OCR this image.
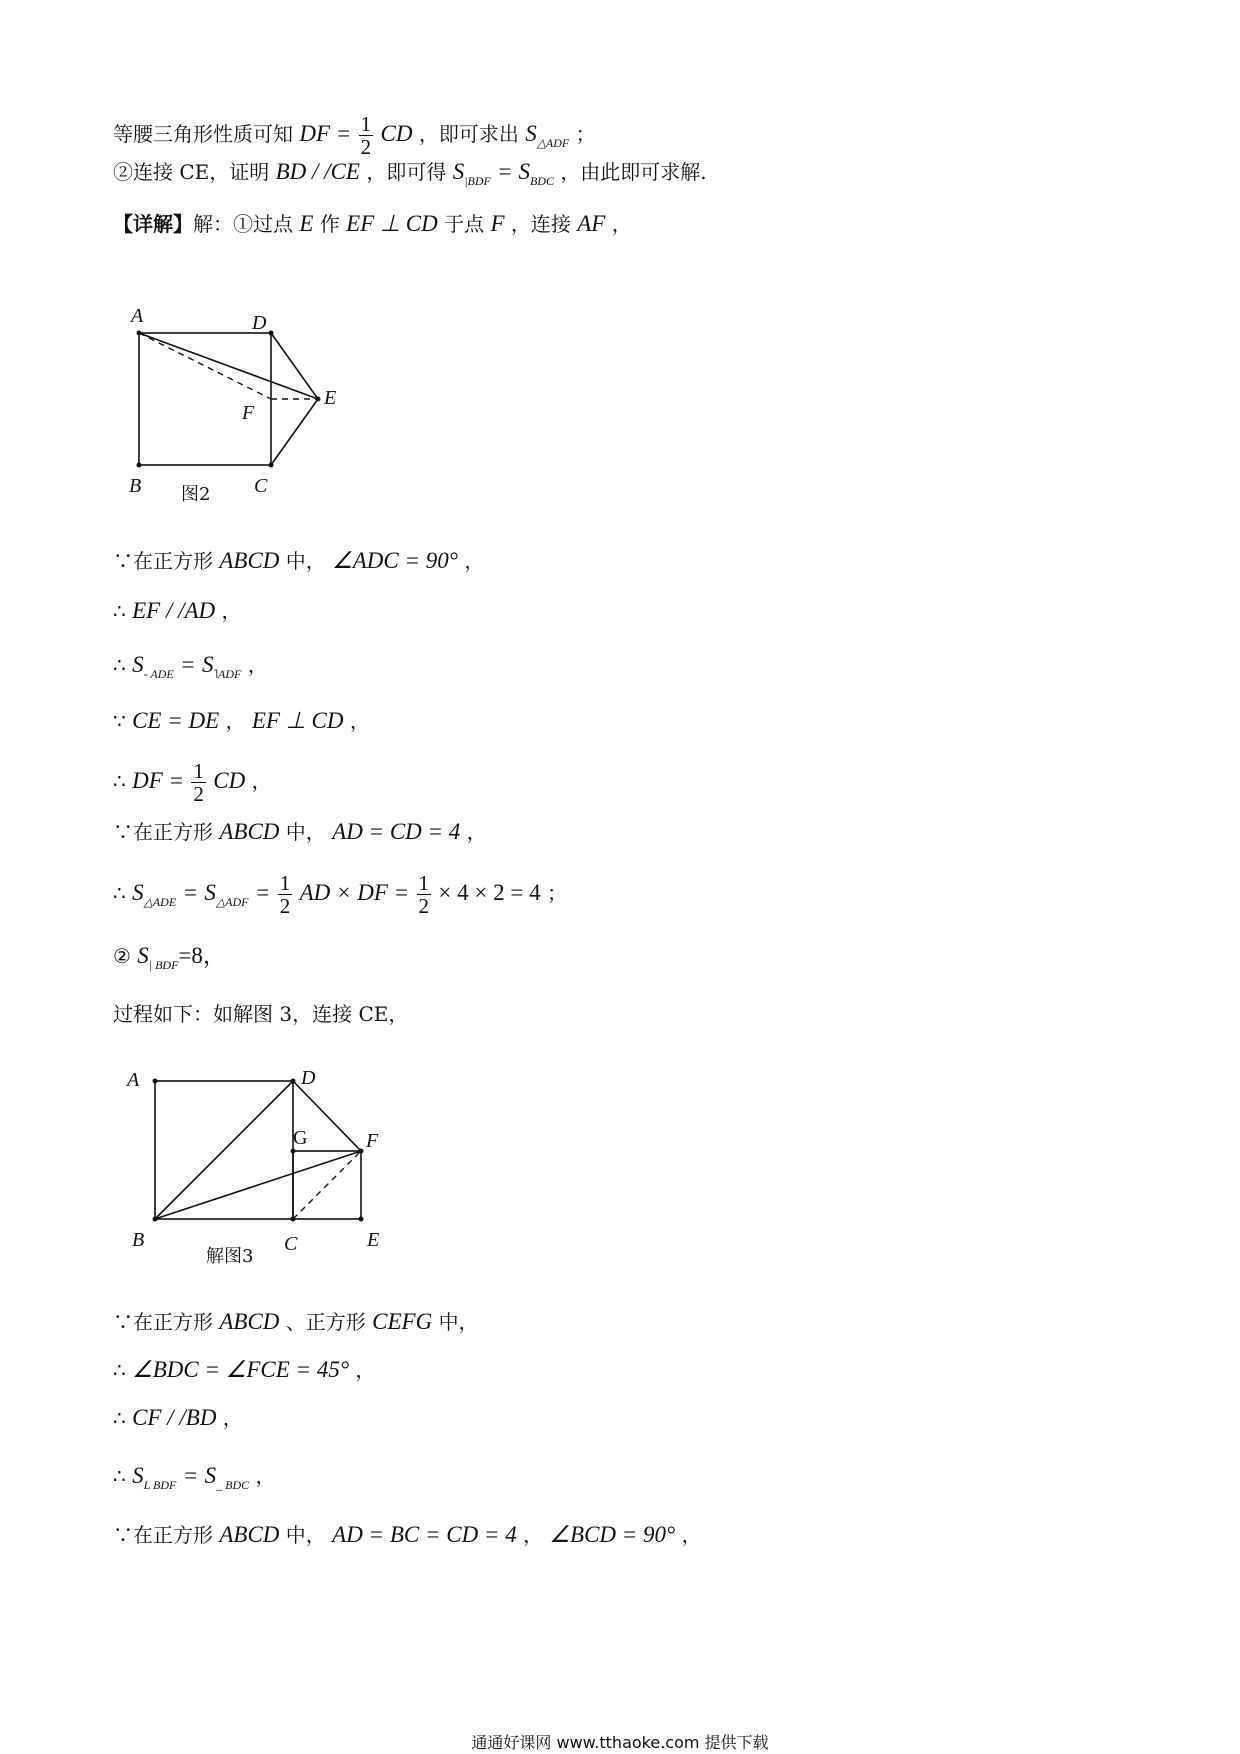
等腰三角形性质可知 DF = $\frac{1}{2}$ CD ，即可求出 $S_{\triangle ADF}$ ；
②连接 CE，证明 BD / /CE ，即可得 $S_{|BDF} = S_{BDC}$ ，由此即可求解.
【详解】解：①过点 E 作 EF ⊥ CD 于点 F ，连接 AF ，
A	D
E
F
B	C
图2
∵在正方形 ABCD 中， ∠ADC = 90° ，
∴ EF / /AD ，
∴ $S_{- ADE} = S_{˥ADF}$ ，
∵ CE = DE ， EF ⊥ CD ，
∴ DF = $\frac{1}{2}$ CD ，
∵在正方形 ABCD 中， AD = CD = 4 ，
∴ $S_{\triangle ADE} = S_{\triangle ADF} = \frac{1}{2}$ AD × DF = $\frac{1}{2} \times 4 \times 2 = 4$ ；
② $S_{| BDF}=8$，
过程如下：如解图 3，连接 CE，
A	D
G	F
B	C	E
解图3
∵在正方形 ABCD 、正方形 CEFG 中，
∴ ∠BDC = ∠FCE = 45° ，
∴ CF / /BD ，
∴ $S_{L BDF} = S_{\_ BDC}$ ，
∵在正方形 ABCD 中， AD = BC = CD = 4 ， ∠BCD = 90° ，
通通好课网 www.tthaoke.com 提供下载
